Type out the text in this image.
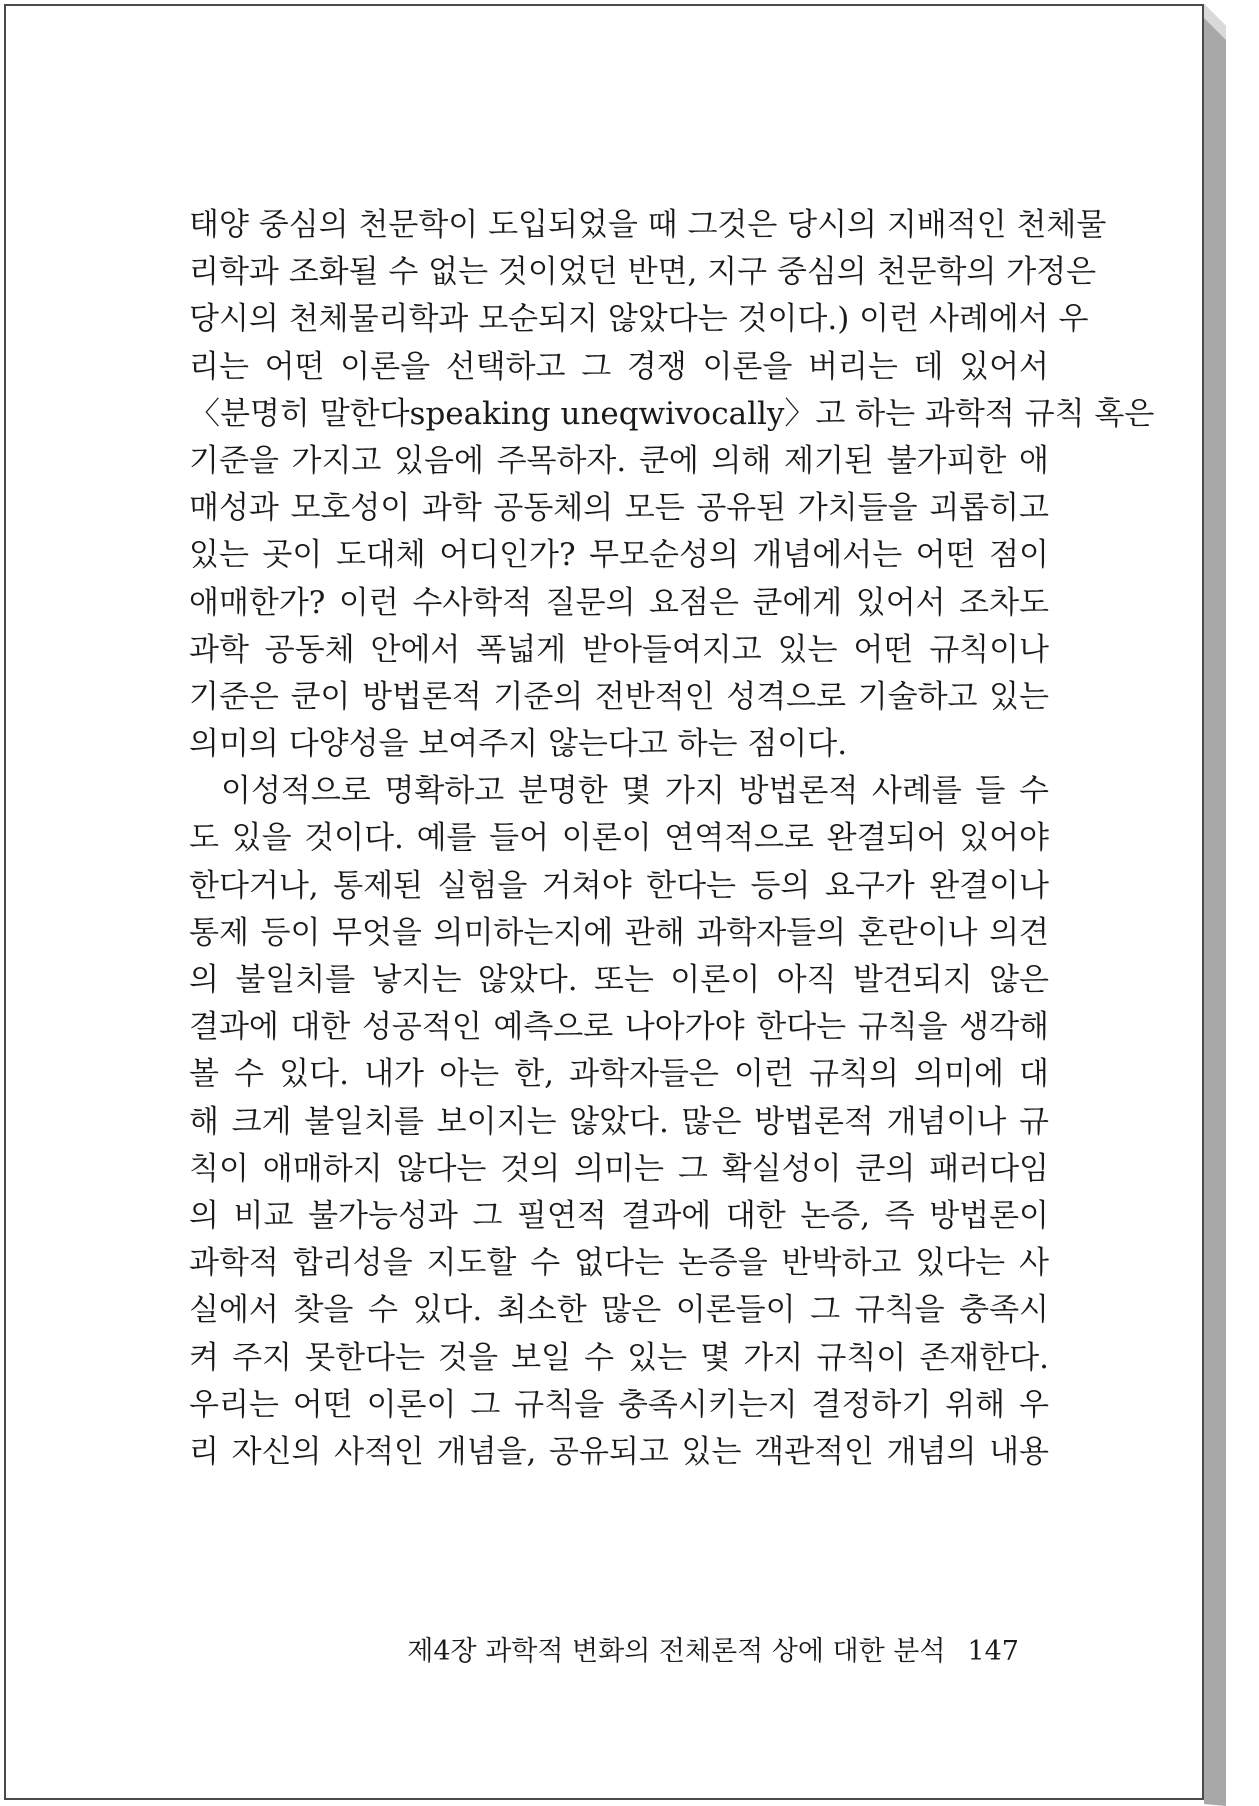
태양 중심의 천문학이 도입되었을 때 그것은 당시의 지배적인 천체물
리학과 조화될 수 없는 것이었던 반면, 지구 중심의 천문학의 가정은
당시의 천체물리학과 모순되지 않았다는 것이다.) 이런 사례에서 우
리는 어떤 이론을 선택하고 그 경쟁 이론을 버리는 데 있어서
〈분명히 말한다speaking uneqwivocally〉고 하는 과학적 규칙 혹은
기준을 가지고 있음에 주목하자. 쿤에 의해 제기된 불가피한 애
매성과 모호성이 과학 공동체의 모든 공유된 가치들을 괴롭히고
있는 곳이 도대체 어디인가? 무모순성의 개념에서는 어떤 점이
애매한가? 이런 수사학적 질문의 요점은 쿤에게 있어서 조차도
과학 공동체 안에서 폭넓게 받아들여지고 있는 어떤 규칙이나
기준은 쿤이 방법론적 기준의 전반적인 성격으로 기술하고 있는
의미의 다양성을 보여주지 않는다고 하는 점이다.
이성적으로 명확하고 분명한 몇 가지 방법론적 사례를 들 수
도 있을 것이다. 예를 들어 이론이 연역적으로 완결되어 있어야
한다거나, 통제된 실험을 거쳐야 한다는 등의 요구가 완결이나
통제 등이 무엇을 의미하는지에 관해 과학자들의 혼란이나 의견
의 불일치를 낳지는 않았다. 또는 이론이 아직 발견되지 않은
결과에 대한 성공적인 예측으로 나아가야 한다는 규칙을 생각해
볼 수 있다. 내가 아는 한, 과학자들은 이런 규칙의 의미에 대
해 크게 불일치를 보이지는 않았다. 많은 방법론적 개념이나 규
칙이 애매하지 않다는 것의 의미는 그 확실성이 쿤의 패러다임
의 비교 불가능성과 그 필연적 결과에 대한 논증, 즉 방법론이
과학적 합리성을 지도할 수 없다는 논증을 반박하고 있다는 사
실에서 찾을 수 있다. 최소한 많은 이론들이 그 규칙을 충족시
켜 주지 못한다는 것을 보일 수 있는 몇 가지 규칙이 존재한다.
우리는 어떤 이론이 그 규칙을 충족시키는지 결정하기 위해 우
리 자신의 사적인 개념을, 공유되고 있는 객관적인 개념의 내용
제4장 과학적 변화의 전체론적 상에 대한 분석 147
